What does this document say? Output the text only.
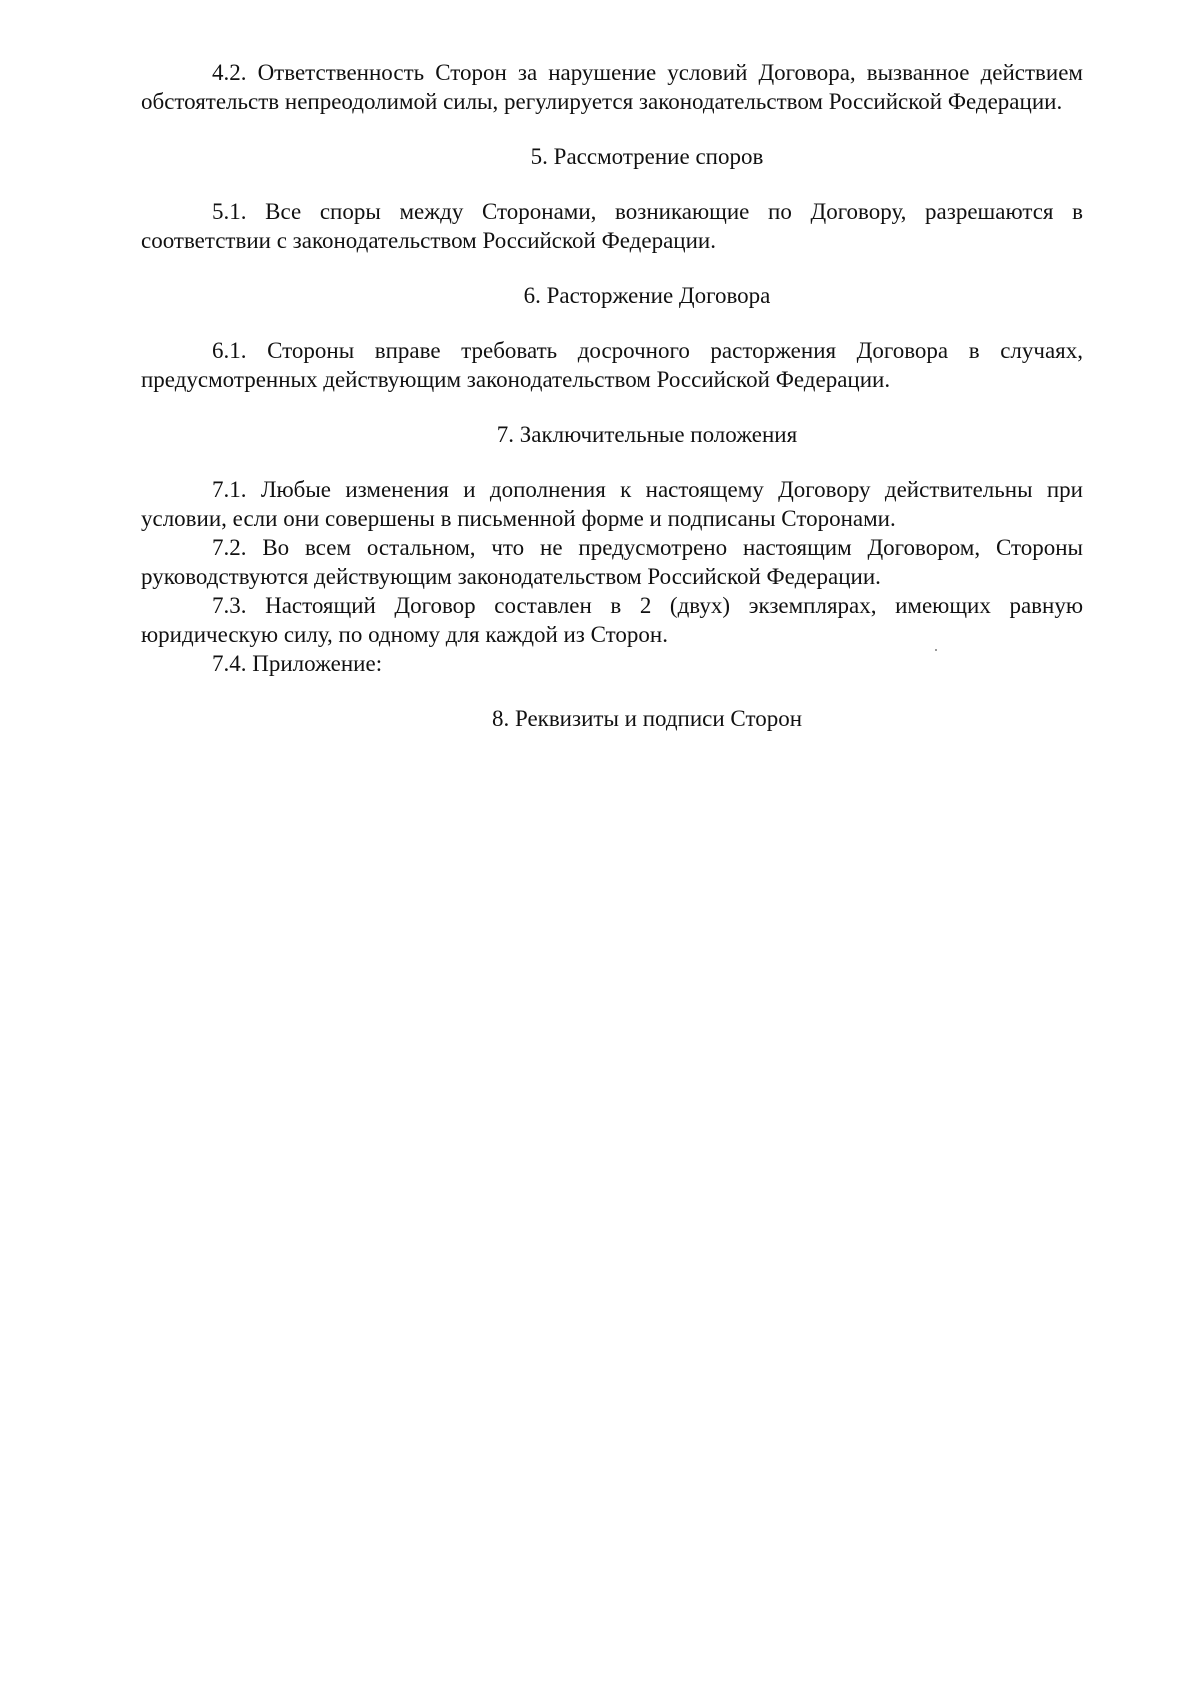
4.2. Ответственность Сторон за нарушение условий Договора, вызванное действием обстоятельств непреодолимой силы, регулируется законодательством Российской Федерации.

5. Рассмотрение споров

5.1. Все споры между Сторонами, возникающие по Договору, разрешаются в соответствии с законодательством Российской Федерации.

6. Расторжение Договора

6.1. Стороны вправе требовать досрочного расторжения Договора в случаях, предусмотренных действующим законодательством Российской Федерации.

7. Заключительные положения

7.1. Любые изменения и дополнения к настоящему Договору действительны при условии, если они совершены в письменной форме и подписаны Сторонами.

7.2. Во всем остальном, что не предусмотрено настоящим Договором, Стороны руководствуются действующим законодательством Российской Федерации.

7.3. Настоящий Договор составлен в 2 (двух) экземплярах, имеющих равную юридическую силу, по одному для каждой из Сторон.

7.4. Приложение:

8. Реквизиты и подписи Сторон
